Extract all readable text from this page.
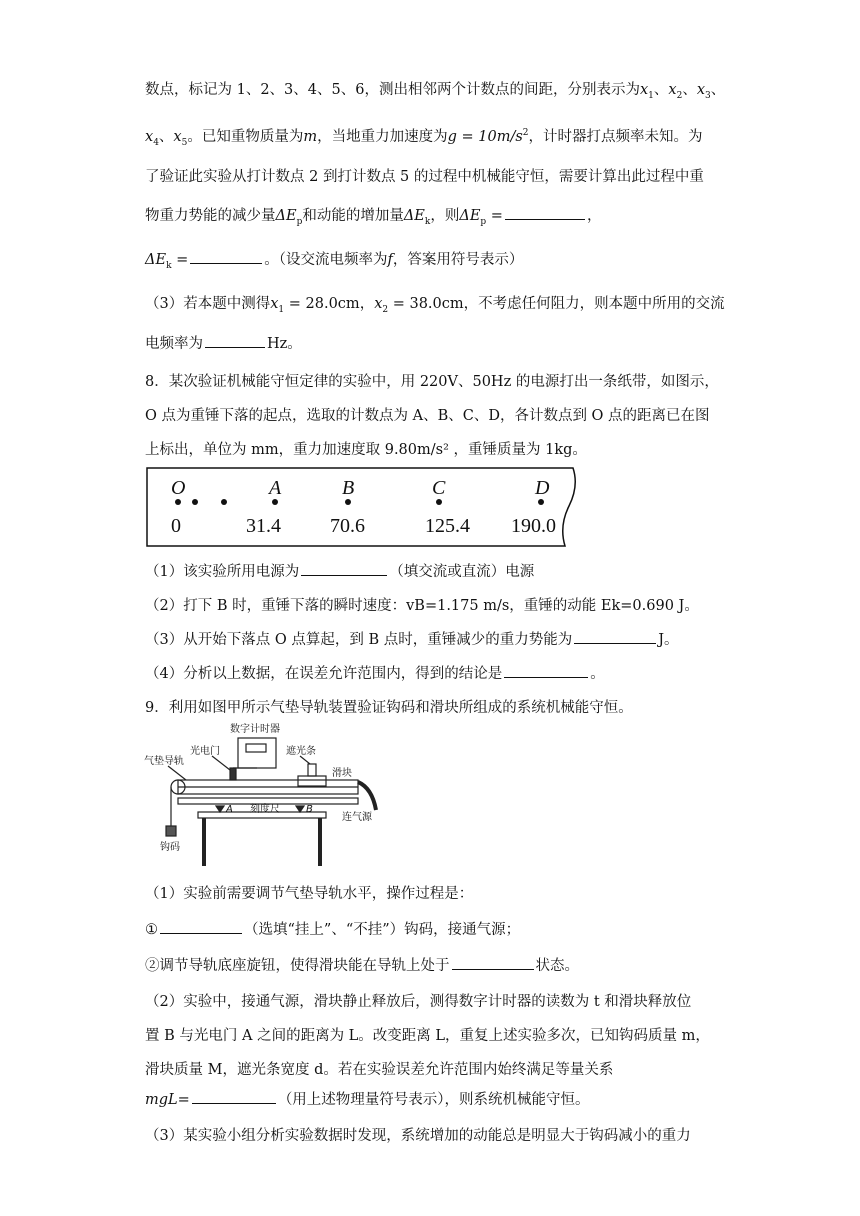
数点，标记为 1、2、3、4、5、6，测出相邻两个计数点的间距，分别表示为$x_1$、$x_2$、$x_3$、
$x_4$、$x_5$。已知重物质量为m，当地重力加速度为$g = 10m/s^2$，计时器打点频率未知。为
了验证此实验从打计数点 2 到打计数点 5 的过程中机械能守恒，需要计算出此过程中重
物重力势能的减少量$\Delta E_p$和动能的增加量$\Delta E_k$，则$\Delta E_p$ =	，
$\Delta E_k$ =	。（设交流电频率为f，答案用符号表示）
（3）若本题中测得$x_1 = 28.0cm$，$x_2 = 38.0cm$，不考虑任何阻力，则本题中所用的交流
电频率为	Hz。
8．某次验证机械能守恒定律的实验中，用 220V、50Hz 的电源打出一条纸带，如图示，
O 点为重锤下落的起点，选取的计数点为 A、B、C、D，各计数点到 O 点的距离已在图
上标出，单位为 mm，重力加速度取 9.80m/s² ，重锤质量为 1kg。
O	A	B	C	D
0	31.4 70.6	125.4 190.0
（1）该实验所用电源为	（填交流或直流）电源
（2）打下 B 时，重锤下落的瞬时速度：vB=1.175 m/s，重锤的动能 Ek=0.690 J。
（3）从开始下落点 O 点算起，到 B 点时，重锤减少的重力势能为	J。
（4）分析以上数据，在误差允许范围内，得到的结论是	。
9．利用如图甲所示气垫导轨装置验证钩码和滑块所组成的系统机械能守恒。
数字计时器
光电门
气垫导轨
遮光条
滑块
刻度尺
连气源
钩码
A	B
（1）实验前需要调节气垫导轨水平，操作过程是：
①	（选填“挂上”、“不挂”）钩码，接通气源；
②调节导轨底座旋钮，使得滑块能在导轨上处于	状态。
（2）实验中，接通气源，滑块静止释放后，测得数字计时器的读数为 t 和滑块释放位
置 B 与光电门 A 之间的距离为 L。改变距离 L，重复上述实验多次，已知钩码质量 m，
滑块质量 M，遮光条宽度 d。若在实验误差允许范围内始终满足等量关系
mgL=	（用上述物理量符号表示），则系统机械能守恒。
（3）某实验小组分析实验数据时发现，系统增加的动能总是明显大于钩码减小的重力
